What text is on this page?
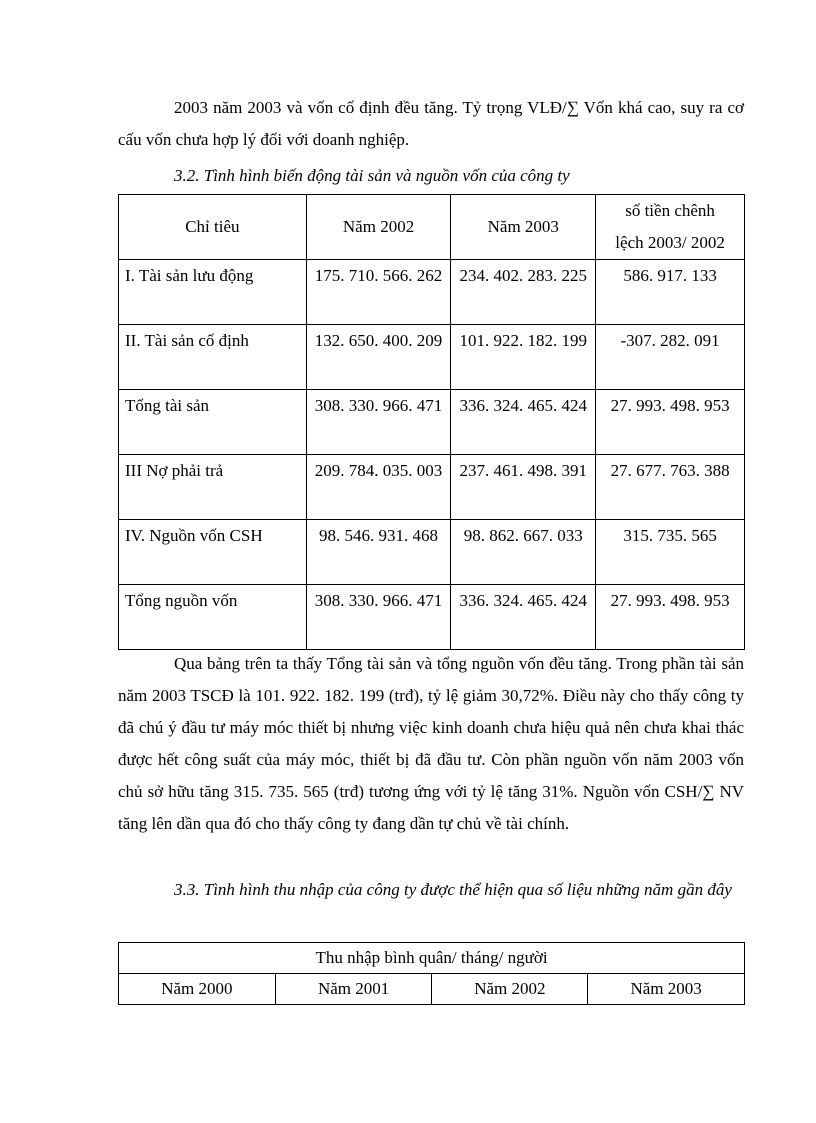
2003 năm 2003 và vốn cố định đều tăng. Tỷ trọng VLĐ/∑ Vốn khá cao, suy ra cơ cấu vốn chưa hợp lý đối với doanh nghiệp.

3.2. Tình hình biến động tài sản và nguồn vốn của công ty

Chỉ tiêu	Năm 2002	Năm 2003	số tiền chênh lệch 2003/ 2002

I. Tài sản lưu động	175. 710. 566. 262	234. 402. 283. 225	586. 917. 133
II. Tài sản cố định	132. 650. 400. 209	101. 922. 182. 199	-307. 282. 091
Tổng tài sản	308. 330. 966. 471	336. 324. 465. 424	27. 993. 498. 953
III Nợ phải trả	209. 784. 035. 003	237. 461. 498. 391	27. 677. 763. 388
IV. Nguồn vốn CSH	98. 546. 931. 468	98. 862. 667. 033	315. 735. 565
Tổng nguồn vốn	308. 330. 966. 471	336. 324. 465. 424	27. 993. 498. 953

Qua bảng trên ta thấy Tổng tài sản và tổng nguồn vốn đều tăng. Trong phần tài sản năm 2003 TSCĐ là 101. 922. 182. 199 (trđ), tỷ lệ giảm 30,72%. Điều này cho thấy công ty đã chú ý đầu tư máy móc thiết bị nhưng việc kinh doanh chưa hiệu quả nên chưa khai thác được hết công suất của máy móc, thiết bị đã đầu tư. Còn phần nguồn vốn năm 2003 vốn chủ sở hữu tăng 315. 735. 565 (trđ) tương ứng với tỷ lệ tăng 31%. Nguồn vốn CSH/∑ NV tăng lên dần qua đó cho thấy công ty đang dần tự chủ về tài chính.

3.3. Tình hình thu nhập của công ty được thể hiện qua số liệu những năm gần đây

Thu nhập bình quân/ tháng/ người
Năm 2000	Năm 2001	Năm 2002	Năm 2003
